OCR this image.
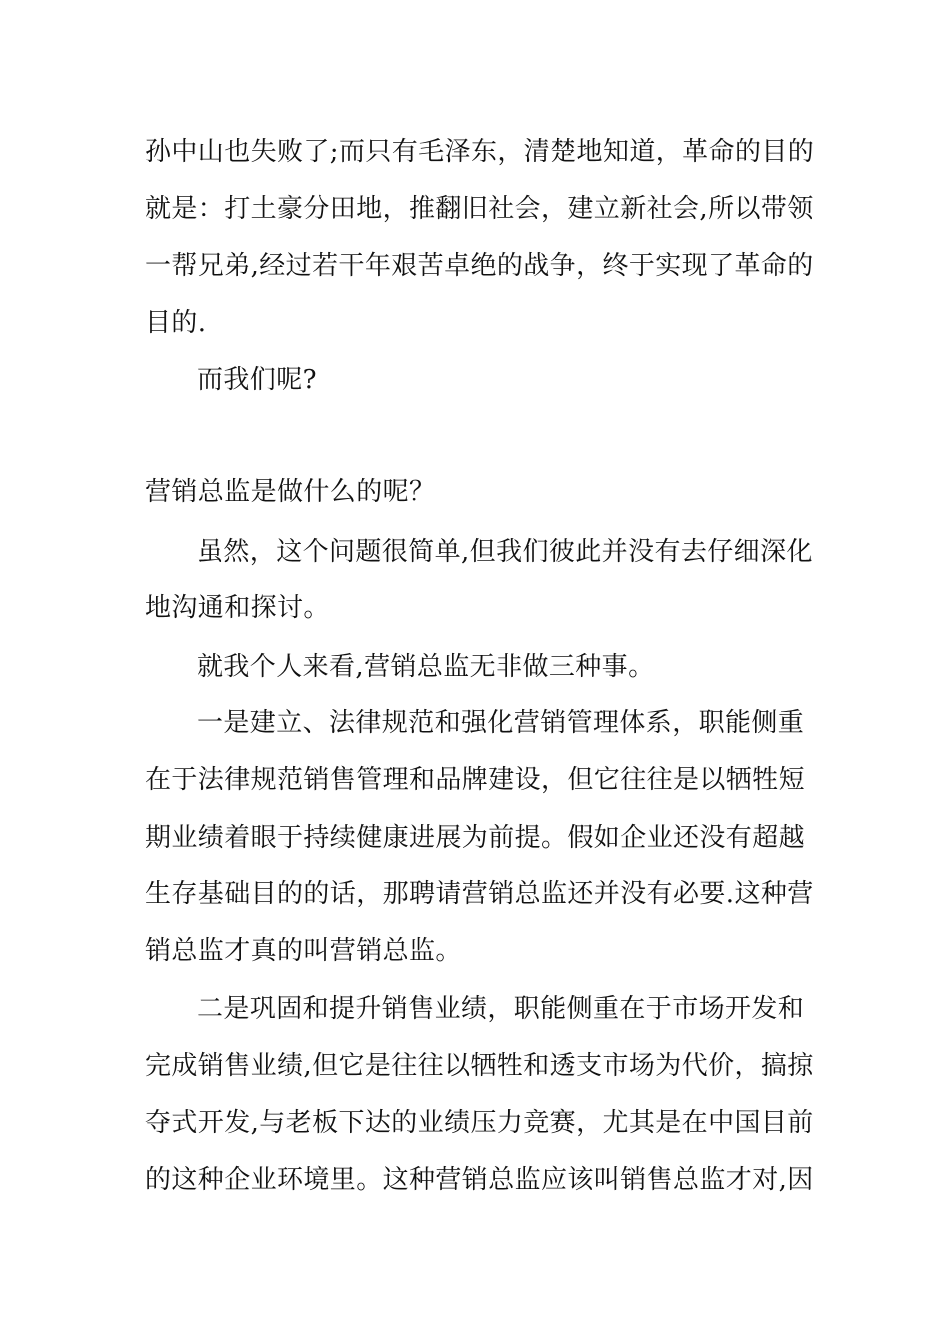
孙中山也失败了;而只有毛泽东，清楚地知道，革命的目的
就是：打土豪分田地，推翻旧社会，建立新社会,所以带领
一帮兄弟,经过若干年艰苦卓绝的战争，终于实现了革命的
目的.
而我们呢?
营销总监是做什么的呢？
虽然，这个问题很简单,但我们彼此并没有去仔细深化
地沟通和探讨。
就我个人来看,营销总监无非做三种事。
一是建立、法律规范和强化营销管理体系，职能侧重
在于法律规范销售管理和品牌建设，但它往往是以牺牲短
期业绩着眼于持续健康进展为前提。假如企业还没有超越
生存基础目的的话，那聘请营销总监还并没有必要.这种营
销总监才真的叫营销总监。
二是巩固和提升销售业绩，职能侧重在于市场开发和
完成销售业绩,但它是往往以牺牲和透支市场为代价，搞掠
夺式开发,与老板下达的业绩压力竞赛，尤其是在中国目前
的这种企业环境里。这种营销总监应该叫销售总监才对,因
